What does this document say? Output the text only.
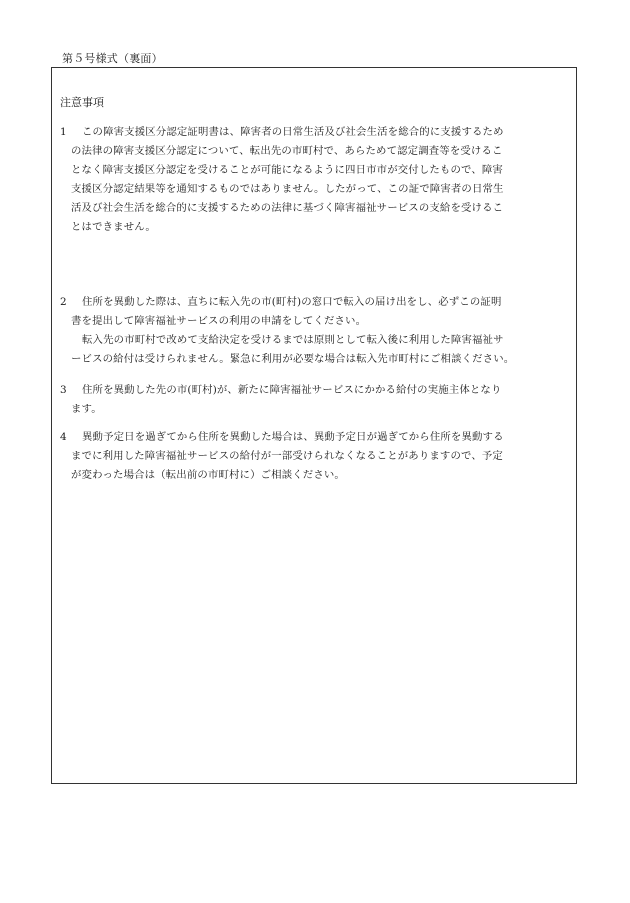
第５号様式（裏面）
注意事項
1 この障害支援区分認定証明書は、障害者の日常生活及び社会生活を総合的に支援するため
の法律の障害支援区分認定について、転出先の市町村で、あらためて認定調査等を受けるこ
となく障害支援区分認定を受けることが可能になるように四日市市が交付したもので、障害
支援区分認定結果等を通知するものではありません。したがって、この証で障害者の日常生
活及び社会生活を総合的に支援するための法律に基づく障害福祉サービスの支給を受けるこ
とはできません。
2 住所を異動した際は、直ちに転入先の市(町村)の窓口で転入の届け出をし、必ずこの証明
書を提出して障害福祉サービスの利用の申請をしてください。
転入先の市町村で改めて支給決定を受けるまでは原則として転入後に利用した障害福祉サ
ービスの給付は受けられません。緊急に利用が必要な場合は転入先市町村にご相談ください。
3 住所を異動した先の市(町村)が、新たに障害福祉サービスにかかる給付の実施主体となり
ます。
4 異動予定日を過ぎてから住所を異動した場合は、異動予定日が過ぎてから住所を異動する
までに利用した障害福祉サービスの給付が一部受けられなくなることがありますので、予定
が変わった場合は（転出前の市町村に）ご相談ください。
